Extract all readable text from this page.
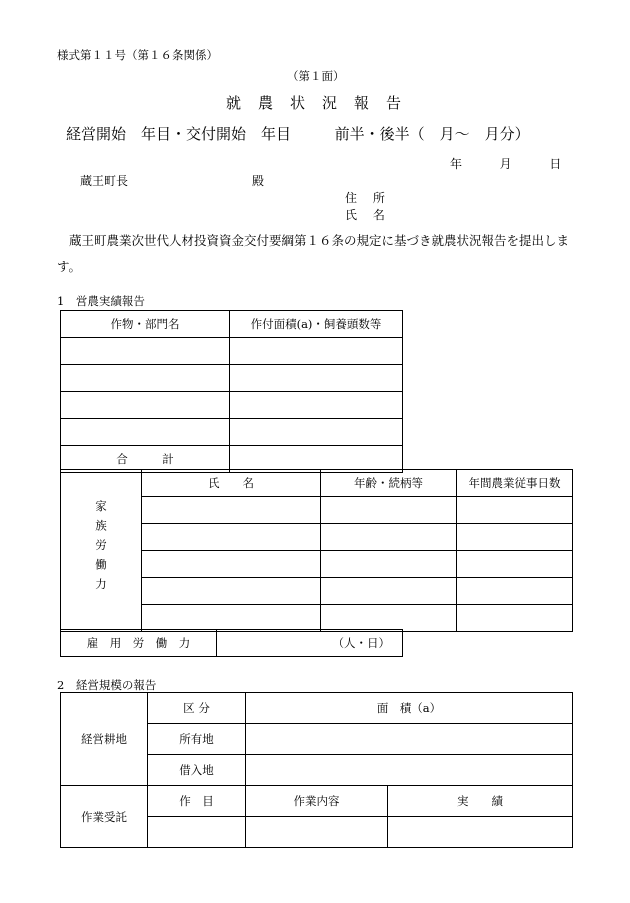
様式第１１号（第１６条関係）
（第１面）
就農状況報告
経営開始　年目・交付開始　年目	前半・後半（　月～　月分）
年	月	日
蔵王町長	殿
住 所
氏 名
蔵王町農業次世代人材投資資金交付要綱第１６条の規定に基づき就農状況報告を提出します。
1　営農実績報告
作物・部門名	作付面積(a)・飼養頭数等

合　　　計	
家族労働力	氏　　名	年齢・続柄等	年間農業従事日数

雇　用　労　働　力	（人・日）
2　経営規模の報告
経営耕地	区 分	面　積（a）	
	所有地		
	借入地		
作業受託	作　目	作業内容	実　　績
